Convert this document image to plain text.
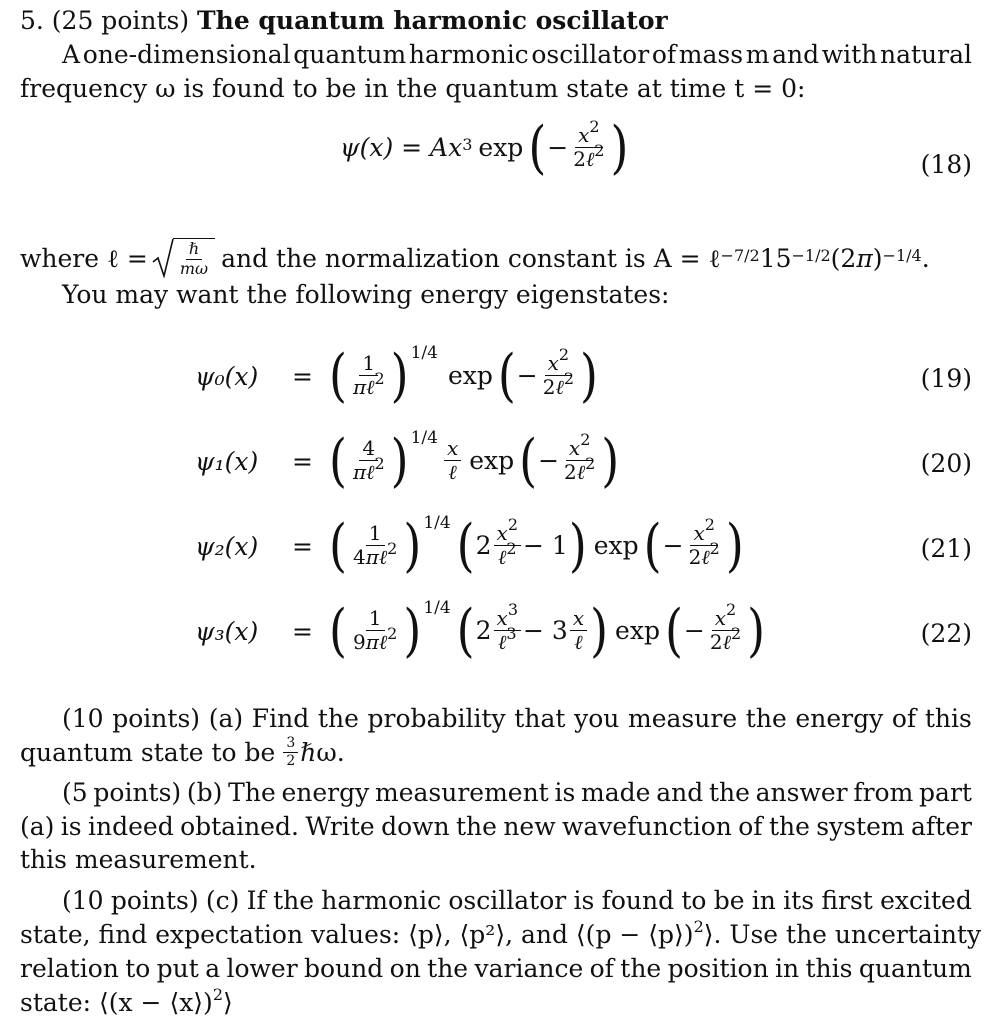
5. (25 points) The quantum harmonic oscillator
A one-dimensional quantum harmonic oscillator of mass m and with natural
frequency ω is found to be in the quantum state at time t = 0:
$\psi(x) = Ax^3$ exp ( − $\frac{x^2}{2\ell^2}$ )	(18)
where ℓ = $\frac{\text{ℏ}}{m\omega}$ and the normalization constant is A = ℓ$^{-7/2}$ $15^{-1/2}$ (2 π )$^{-1/4}$ .
You may want the following energy eigenstates:
ψ₀(x) = ( $\frac{1}{\pi\ell^2}$ ) 1/4
exp ( − $\frac{x^2}{2\ell^2}$ )	(19)
ψ₁(x) = ( $\frac{4}{\pi\ell^2}$ ) $1/4 \frac{x}{\text{ℓ}}$ exp ( − $\frac{x^2}{2\ell^2}$ )	(20)
ψ₂(x) = ( $\frac{1}{4\pi\ell^2}$ ) 1/4 ( $2 \frac{x^2}{\ell^2} - 1$ ) exp ( − $\frac{x^2}{2\ell^2}$ )	(21)
ψ₃(x) = ( $\frac{1}{9\pi\ell^2}$ ) 1/4 ( $2 \frac{x^3}{\ell^3} - 3 \frac{x}{\text{ℓ}}$ ) exp ( − $\frac{x^2}{2\ell^2}$ )	(22)
(10 points) (a) Find the probability that you measure the energy of this
quantum state to be $\frac{3}{2}$ ℏω.
(5 points) (b) The energy measurement is made and the answer from part
(a) is indeed obtained. Write down the new wavefunction of the system after
this measurement.
(10 points) (c) If the harmonic oscillator is found to be in its first excited
state, find expectation values: ⟨p⟩, ⟨p²⟩, and ⟨(p − ⟨p⟩)$^2$⟩. Use the uncertainty
relation to put a lower bound on the variance of the position in this quantum
state: ⟨(x − ⟨x⟩)$^2$⟩
